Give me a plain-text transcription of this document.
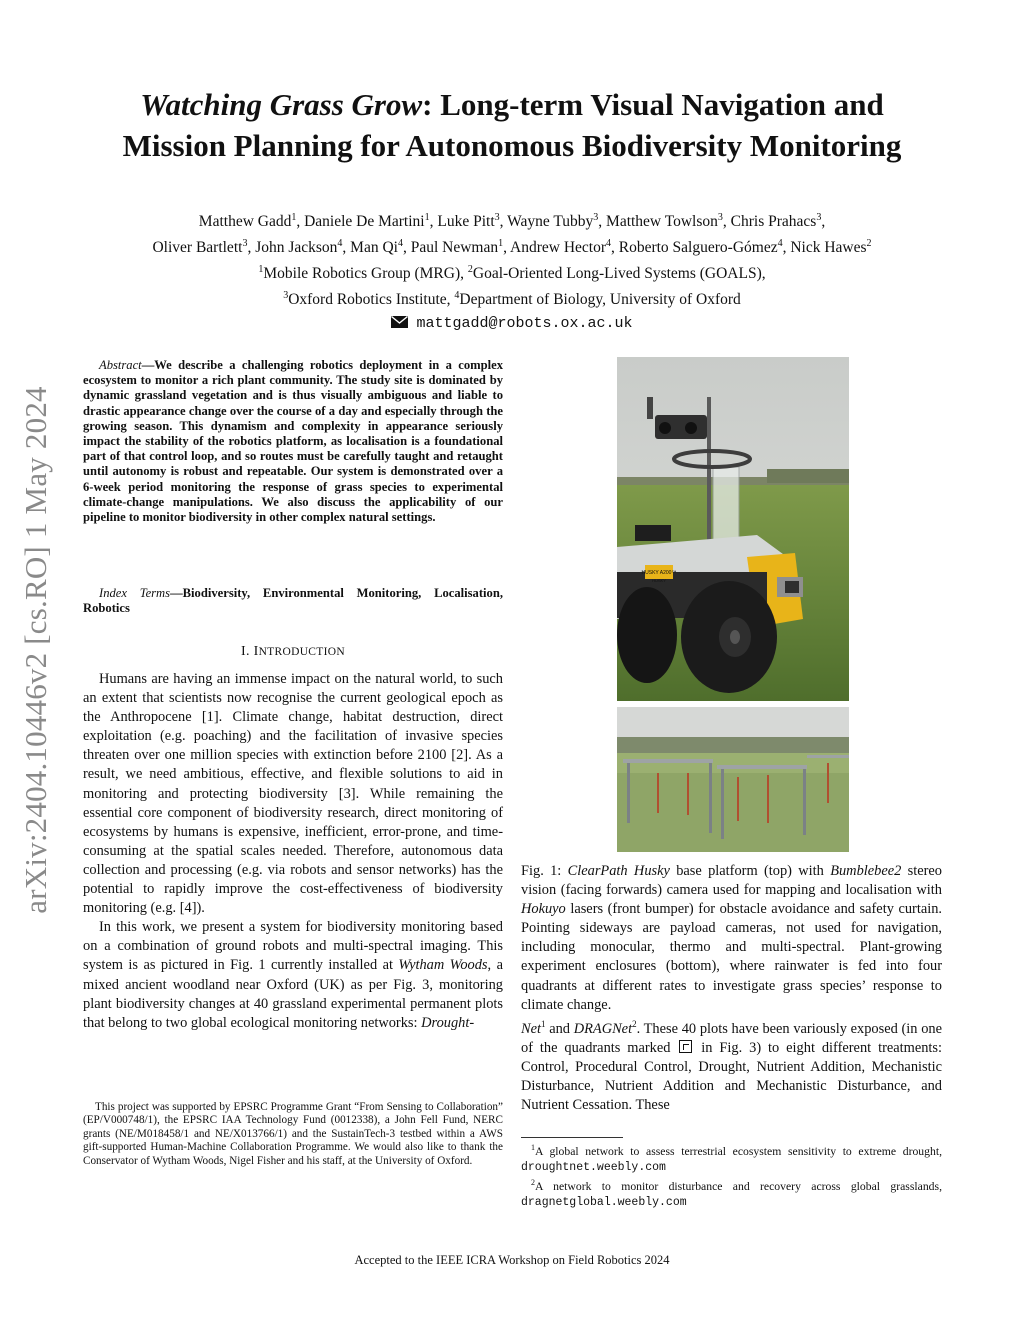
arXiv:2404.10446v2 [cs.RO] 1 May 2024
Watching Grass Grow: Long-term Visual Navigation and
Mission Planning for Autonomous Biodiversity Monitoring
Matthew Gadd$^1$, Daniele De Martini$^1$, Luke Pitt$^3$, Wayne Tubby$^3$, Matthew Towlson$^3$, Chris Prahacs$^3$,
Oliver Bartlett$^3$, John Jackson$^4$, Man Qi$^4$, Paul Newman$^1$, Andrew Hector$^4$, Roberto Salguero-Gómez$^4$, Nick Hawes$^2$
$^1$Mobile Robotics Group (MRG), $^2$Goal-Oriented Long-Lived Systems (GOALS),
$^3$Oxford Robotics Institute, $^4$Department of Biology, University of Oxford
mattgadd@robots.ox.ac.uk
Abstract—We describe a challenging robotics deployment in a complex ecosystem to monitor a rich plant community. The study site is dominated by dynamic grassland vegetation and is thus visually ambiguous and liable to drastic appearance change over the course of a day and especially through the growing season. This dynamism and complexity in appearance seriously impact the stability of the robotics platform, as localisation is a foundational part of that control loop, and so routes must be carefully taught and retaught until autonomy is robust and repeatable. Our system is demonstrated over a 6-week period monitoring the response of grass species to experimental climate-change manipulations. We also discuss the applicability of our pipeline to monitor biodiversity in other complex natural settings.
Index Terms—Biodiversity, Environmental Monitoring, Localisation, Robotics
I. INTRODUCTION

Humans are having an immense impact on the natural world, to such an extent that scientists now recognise the current geological epoch as the Anthropocene [1]. Climate change, habitat destruction, direct exploitation (e.g. poaching) and the facilitation of invasive species threaten over one million species with extinction before 2100 [2]. As a result, we need ambitious, effective, and flexible solutions to aid in monitoring and protecting biodiversity [3]. While remaining the essential core component of biodiversity research, direct monitoring of ecosystems by humans is expensive, inefficient, error-prone, and time-consuming at the spatial scales needed. Therefore, autonomous data collection and processing (e.g. via robots and sensor networks) has the potential to rapidly improve the cost-effectiveness of biodiversity monitoring (e.g. [4]).

In this work, we present a system for biodiversity monitoring based on a combination of ground robots and multi-spectral imaging. This system is as pictured in Fig. 1 currently installed at Wytham Woods, a mixed ancient woodland near Oxford (UK) as per Fig. 3, monitoring plant biodiversity changes at 40 grassland experimental permanent plots that belong to two global ecological monitoring networks: Drought-

This project was supported by EPSRC Programme Grant “From Sensing to Collaboration” (EP/V000748/1), the EPSRC IAA Technology Fund (0012338), a John Fell Fund, NERC grants (NE/M018458/1 and NE/X013766/1) and the SustainTech-3 testbed within a AWS gift-supported Human-Machine Collaboration Programme. We would also like to thank the Conservator of Wytham Woods, Nigel Fisher and his staff, at the University of Oxford.
HUSKY A200™
HUSKY
Fig. 1: ClearPath Husky base platform (top) with Bumblebee2 stereo vision (facing forwards) camera used for mapping and localisation with Hokuyo lasers (front bumper) for obstacle avoidance and safety curtain. Pointing sideways are payload cameras, not used for navigation, including monocular, thermo and multi-spectral. Plant-growing experiment enclosures (bottom), where rainwater is fed into four quadrants at different rates to investigate grass species’ response to climate change.
Net$^1$ and DRAGNet$^2$. These 40 plots have been variously exposed (in one of the quadrants marked  in Fig. 3) to eight different treatments: Control, Procedural Control, Drought, Nutrient Addition, Mechanistic Disturbance, Nutrient Addition and Mechanistic Disturbance, and Nutrient Cessation. These

$^1$A global network to assess terrestrial ecosystem sensitivity to extreme drought, droughtnet.weebly.com

$^2$A network to monitor disturbance and recovery across global grasslands, dragnetglobal.weebly.com

Accepted to the IEEE ICRA Workshop on Field Robotics 2024
